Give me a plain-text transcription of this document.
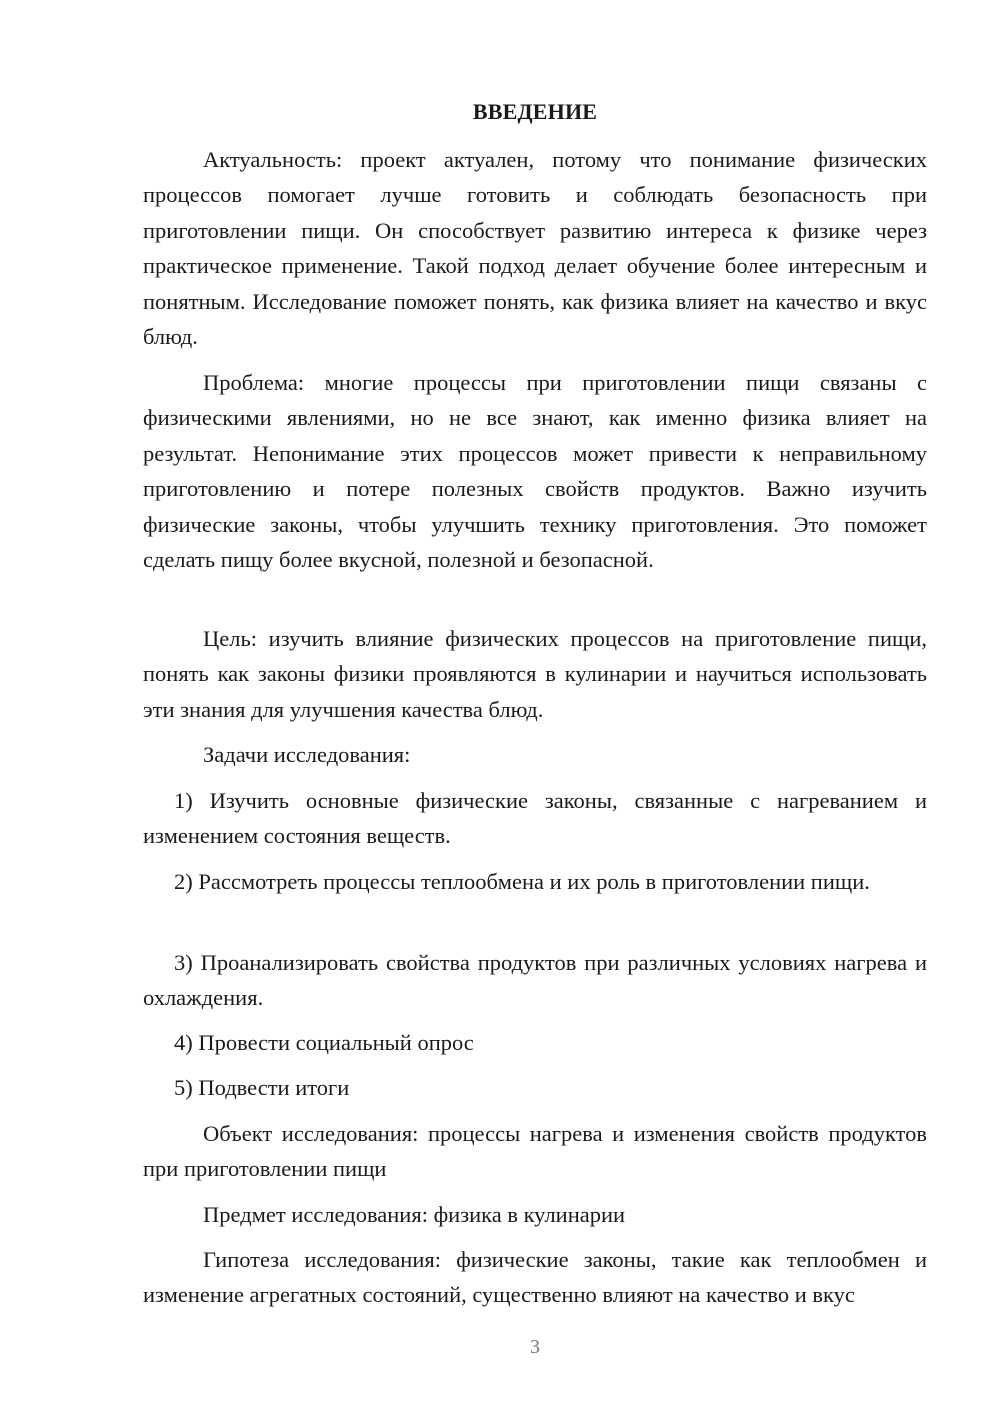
ВВЕДЕНИЕ

Актуальность: проект актуален, потому что понимание физических процессов помогает лучше готовить и соблюдать безопасность при приготовлении пищи. Он способствует развитию интереса к физике через практическое применение. Такой подход делает обучение более интересным и понятным. Исследование поможет понять, как физика влияет на качество и вкус блюд.

Проблема: многие процессы при приготовлении пищи связаны с физическими явлениями, но не все знают, как именно физика влияет на результат. Непонимание этих процессов может привести к неправильному приготовлению и потере полезных свойств продуктов. Важно изучить физические законы, чтобы улучшить технику приготовления. Это поможет сделать пищу более вкусной, полезной и безопасной.

Цель: изучить влияние физических процессов на приготовление пищи, понять как законы физики проявляются в кулинарии и научиться использовать эти знания для улучшения качества блюд.

Задачи исследования:

1) Изучить основные физические законы, связанные с нагреванием и изменением состояния веществ.

2) Рассмотреть процессы теплообмена и их роль в приготовлении пищи.

3) Проанализировать свойства продуктов при различных условиях нагрева и охлаждения.

4) Провести социальный опрос

5) Подвести итоги

Объект исследования: процессы нагрева и изменения свойств продуктов при приготовлении пищи

Предмет исследования: физика в кулинарии

Гипотеза исследования: физические законы, такие как теплообмен и изменение агрегатных состояний, существенно влияют на качество и вкус

3
